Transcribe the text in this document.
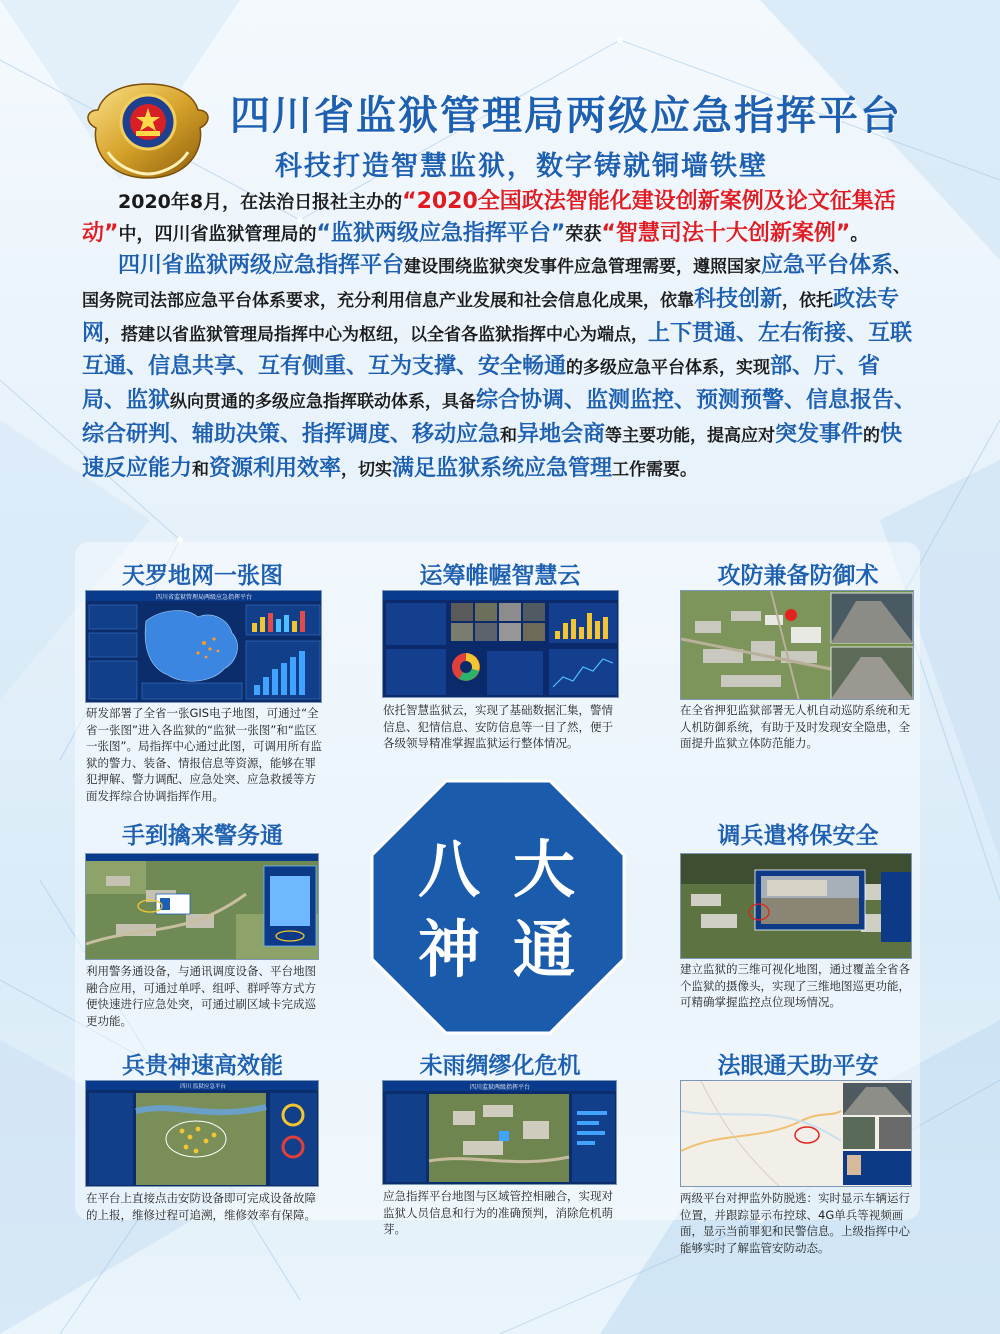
四川省监狱管理局两级应急指挥平台
科技打造智慧监狱，数字铸就铜墙铁壁

2020年8月，在法治日报社主办的“2020全国政法智能化建设创新案例及论文征集活动”中，四川省监狱管理局的“监狱两级应急指挥平台”荣获“智慧司法十大创新案例”。

四川省监狱两级应急指挥平台建设围绕监狱突发事件应急管理需要，遵照国家应急平台体系、国务院司法部应急平台体系要求，充分利用信息产业发展和社会信息化成果，依靠科技创新，依托政法专网，搭建以省监狱管理局指挥中心为枢纽，以全省各监狱指挥中心为端点，上下贯通、左右衔接、互联互通、信息共享、互有侧重、互为支撑、安全畅通的多级应急平台体系，实现部、厅、省局、监狱纵向贯通的多级应急指挥联动体系，具备综合协调、监测监控、预测预警、信息报告、综合研判、辅助决策、指挥调度、移动应急和异地会商等主要功能，提高应对突发事件的快速反应能力和资源利用效率，切实满足监狱系统应急管理工作需要。

天罗地网一张图
四川省监狱管理局两级应急指挥平台
研发部署了全省一张GIS电子地图，可通过“全省一张图”进入各监狱的“监狱一张图”和“监区一张图”。局指挥中心通过此图，可调用所有监狱的警力、装备、情报信息等资源，能够在罪犯押解、警力调配、应急处突、应急救援等方面发挥综合协调指挥作用。
运筹帷幄智慧云
依托智慧监狱云，实现了基础数据汇集，警情信息、犯情信息、安防信息等一目了然，便于各级领导精准掌握监狱运行整体情况。
攻防兼备防御术
在全省押犯监狱部署无人机自动巡防系统和无人机防御系统，有助于及时发现安全隐患，全面提升监狱立体防范能力。
手到擒来警务通
利用警务通设备，与通讯调度设备、平台地图融合应用，可通过单呼、组呼、群呼等方式方便快速进行应急处突，可通过刷区域卡完成巡更功能。
调兵遣将保安全
建立监狱的三维可视化地图，通过覆盖全省各个监狱的摄像头，实现了三维地图巡更功能，可精确掌握监控点位现场情况。
兵贵神速高效能
四川 监狱应急平台
在平台上直接点击安防设备即可完成设备故障的上报，维修过程可追溯，维修效率有保障。
未雨绸缪化危机
四川监狱两级指挥平台
应急指挥平台地图与区域管控相融合，实现对监狱人员信息和行为的准确预判，消除危机萌芽。
法眼通天助平安
两级平台对押监外防脱逃：实时显示车辆运行位置，并跟踪显示布控球、4G单兵等视频画面，显示当前罪犯和民警信息。上级指挥中心能够实时了解监管安防动态。
八 大
神 通
